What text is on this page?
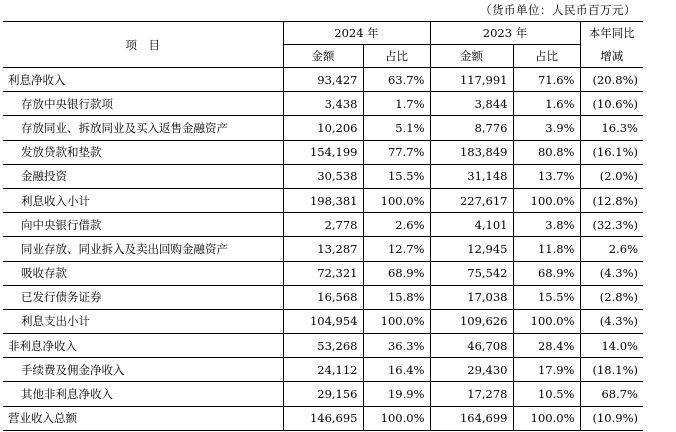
（货币单位：人民币百万元）
项　目	2024 年		2023 年		本年同比
	金额	占比	金额	占比	增减
利息净收入	93,427	63.7%	117,991	71.6%	(20.8%)
存放中央银行款项	3,438	1.7%	3,844	1.6%	(10.6%)
存放同业、拆放同业及买入返售金融资产	10,206	5.1%	8,776	3.9%	16.3%
发放贷款和垫款	154,199	77.7%	183,849	80.8%	(16.1%)
金融投资	30,538	15.5%	31,148	13.7%	(2.0%)
利息收入小计	198,381	100.0%	227,617	100.0%	(12.8%)
向中央银行借款	2,778	2.6%	4,101	3.8%	(32.3%)
同业存放、同业拆入及卖出回购金融资产	13,287	12.7%	12,945	11.8%	2.6%
吸收存款	72,321	68.9%	75,542	68.9%	(4.3%)
已发行债务证券	16,568	15.8%	17,038	15.5%	(2.8%)
利息支出小计	104,954	100.0%	109,626	100.0%	(4.3%)
非利息净收入	53,268	36.3%	46,708	28.4%	14.0%
手续费及佣金净收入	24,112	16.4%	29,430	17.9%	(18.1%)
其他非利息净收入	29,156	19.9%	17,278	10.5%	68.7%
营业收入总额	146,695	100.0%	164,699	100.0%	(10.9%)
